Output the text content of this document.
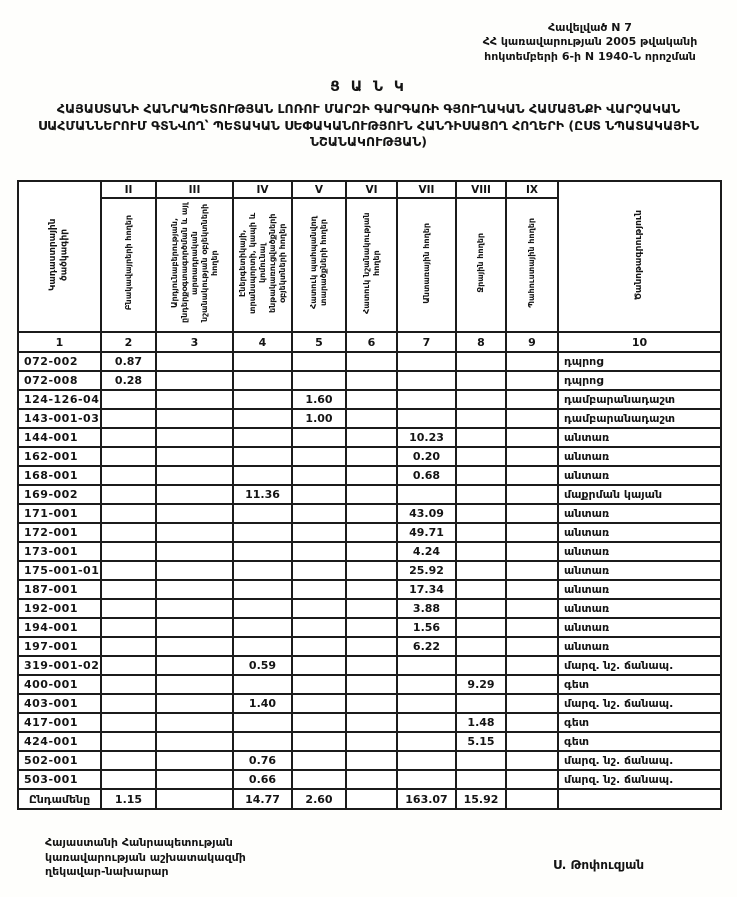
Հավելված N 7
ՀՀ կառավարության 2005 թվականի
հոկտեմբերի 6-ի N 1940-Ն որոշման
Ց Ա Ն Կ
ՀԱՅԱՍՏԱՆԻ ՀԱՆՐԱՊԵՏՈՒԹՅԱՆ ԼՈՌՈՒ ՄԱՐԶԻ ԳԱՐԳԱՌԻ ԳՅՈՒՂԱԿԱՆ ՀԱՄԱՅՆՔԻ ՎԱՐՉԱԿԱՆ ՍԱՀՄԱՆՆԵՐՈՒՄ ԳՏՆՎՈՂ՝ ՊԵՏԱԿԱՆ ՍԵՓԱԿԱՆՈՒԹՅՈՒՆ ՀԱՆԴԻՍԱՑՈՂ ՀՈՂԵՐԻ (ԸՍՏ ՆՊԱՏԱԿԱՅԻՆ ՆՇԱՆԱԿՈՒԹՅԱՆ)
Կադաստրային ծածկագիր	II	III	IV	V	VI	VII	VIII	IX	Ծանոթագրություն
	Բնակավայրերի հողեր	Արդյունաբերության, ընդերքօգտագործման և այլ արտադրական նշանակության օբյեկտների հողեր	Էներգետիկայի, տրանսպորտի, կապի և կոմունալ ենթակառուցվածքների օբյեկտների հողեր	Հատուկ պահպանվող տարածքների հողեր	Հատուկ նշանակության հողեր	Անտառային հողեր	Ջրային հողեր	Պահուստային հողեր	
1	2	3	4	5	6	7	8	9	10
072-002	0.87								դպրոց
072-008	0.28								դպրոց
124-126-04				1.60					դամբարանադաշտ
143-001-03				1.00					դամբարանադաշտ
144-001						10.23			անտառ
162-001						0.20			անտառ
168-001						0.68			անտառ
169-002			11.36						մաքրման կայան
171-001						43.09			անտառ
172-001						49.71			անտառ
173-001						4.24			անտառ
175-001-01						25.92			անտառ
187-001						17.34			անտառ
192-001						3.88			անտառ
194-001						1.56			անտառ
197-001						6.22			անտառ
319-001-02			0.59						մարզ. նշ. ճանապ.
400-001							9.29		գետ
403-001			1.40						մարզ. նշ. ճանապ.
417-001							1.48		գետ
424-001							5.15		գետ
502-001			0.76						մարզ. նշ. ճանապ.
503-001			0.66						մարզ. նշ. ճանապ.
Ընդամենը	1.15		14.77	2.60		163.07	15.92		
Հայաստանի Հանրապետության
կառավարության աշխատակազմի
ղեկավար-նախարար	Ս. Թոփուզյան
